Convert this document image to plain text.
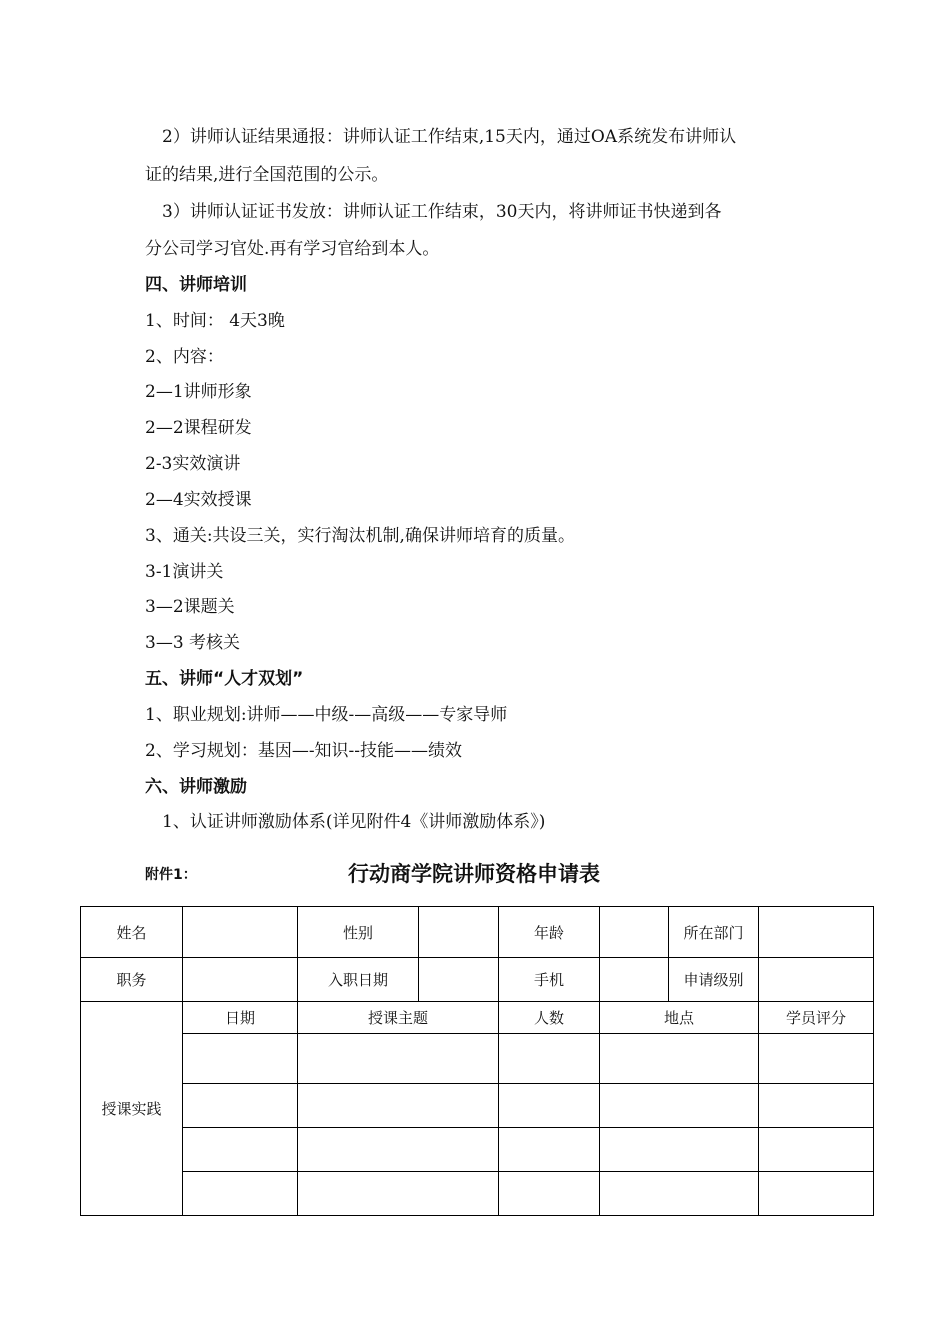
2）讲师认证结果通报：讲师认证工作结束,15天内，通过OA系统发布讲师认
证的结果,进行全国范围的公示。
3）讲师认证证书发放：讲师认证工作结束，30天内，将讲师证书快递到各
分公司学习官处.再有学习官给到本人。
四、讲师培训
1、时间： 4天3晚
2、内容：
2—1讲师形象
2—2课程研发
2-3实效演讲
2—4实效授课
3、通关:共设三关，实行淘汰机制,确保讲师培育的质量。
3-1演讲关
3—2课题关
3—3 考核关
五、讲师“人才双划”
1、职业规划:讲师——中级-—高级——专家导师
2、学习规划：基因—-知识--技能——绩效
六、讲师激励
1、认证讲师激励体系(详见附件4《讲师激励体系》)
附件1：	行动商学院讲师资格申请表
姓名		性别		年龄		所在部门	
职务		入职日期		手机		申请级别	
授课实践	日期	授课主题		人数	地点		学员评分
